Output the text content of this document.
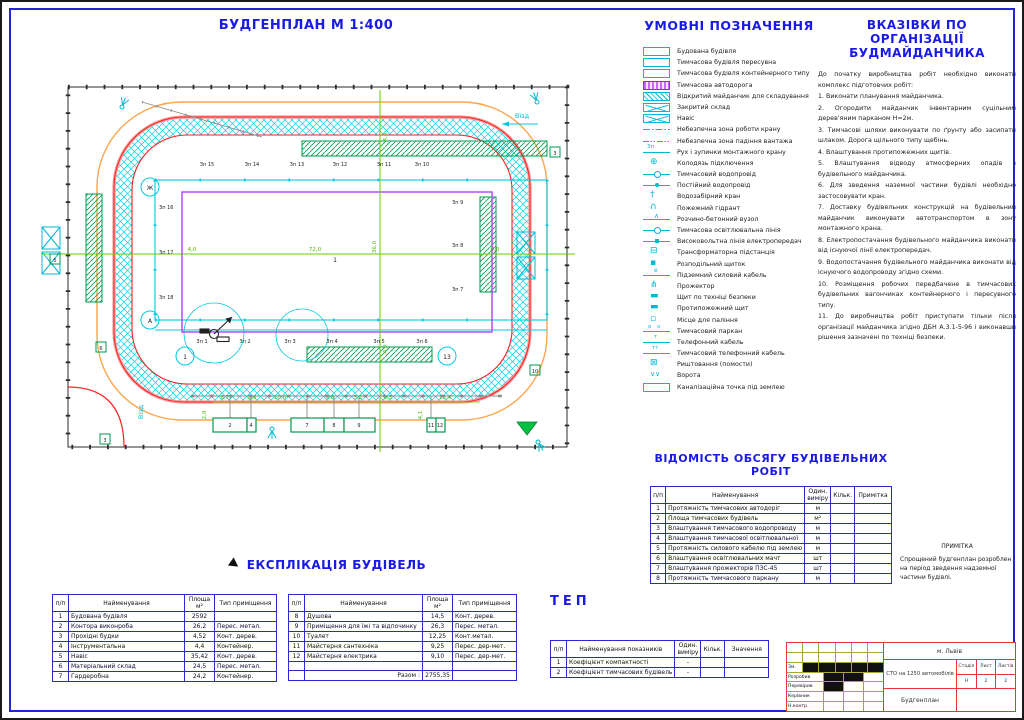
БУДГЕНПЛАН М 1:400
1
72,0	36,0
4,0	4,0
4,0
4,0
8,7	2,6	10,0	9,8	5,2	8,5	15,4
2,9	4,1
Зп 15	Зп 14	Зп 13	Зп 12	Зп 11	Зп 10
Зп 16
Зп 17
Зп 18
Зп 9
Зп 8
Зп 7
Зп 1	Зп 2	Зп 3	Зп 4	Зп 5	Зп 6
Ж
А
1	13
2	4	7	8	9	11 12
3
5
6
10
3
Вїзд
Вїзд
УМОВНІ ПОЗНАЧЕННЯ
Будована будівля
Тимчасова будівля пересувна
Тимчасова будівля контейнерного типу
Тимчасова автодорога
Відкритий майданчик для складування
Закритий склад
Навіс
Небезпечна зона роботи крану
Небезпечна зона падіння вантажа
Зп
Рух і зупинки монтажного крану
⊕
Колодязь підключення
Тимчасовий водопровід
Постійний водопровід
†
Водозабірний кран
∩
Пожежний гідрант
∧
Розчино-бетонний вузол
Тимчасова освітлювальна лінія
Високовольтна лінія електропередач
⊟
Трансформаторна підстанція
▪
Розподільний щиток
e
Підземний силовий кабель
⋔
Прожектор
▬
Щит по техніці безпеки
▬
Протипожежний щит
▫
Місце для паління
o o
Тимчасовий паркан
т
Телефонний кабель
тт
Тимчасовий телефонний кабель
⊠
Риштовання (помости)
∨∨
Ворота
Каналізаційна точка під землею
ВКАЗІВКИ ПО ОРГАНІЗАЦІЇ
БУДМАЙДАНЧИКА
До початку виробництва робіт необхідно виконати комплекс підготовчих робіт:
1. Виконати планування майданчика.
2. Огородити майданчик інвентарним суцільним дерев'яним парканом Н=2м.
3. Тимчасові шляхи виконувати по ґрунту або засипати шлаком. Дорога щільного типу щебінь.
4. Влаштування протипожежних щитів.
5. Влаштування відводу атмосферних опадів з будівельного майданчика.
6. Для зведення наземної частини будівлі необхідно застосовувати кран.
7. Доставку будівельних конструкцій на будівельний майданчик виконувати автотранспортом в зону монтажного крана.
8. Електропостачання будівельного майданчика виконати від існуючої лінії електропередач.
9. Водопостачання будівельного майданчика виконати від існуючого водопроводу згідно схеми.
10. Розміщення робочих передбачене в тимчасових будівельних вагончиках контейнерного і пересувного типу.
11. До виробництва робіт приступати тільки після організації майданчика згідно ДБН А.3.1-5-96 і виконавши рішення зазначені по техніці безпеки.
ВІДОМІСТЬ ОБСЯГУ БУДІВЕЛЬНИХ РОБІТ
п/п	Найменування	Один. виміру	Кільк.	Примітка
1	Протяжність тимчасових автодоріг	м		
2	Площа тимчасових будівель	м²		
3	Влаштування тимчасового водопроводу	м		
4	Влаштування тимчасової освітлювальної	м		
5	Протяжність силового кабелю під землею	м		
6	Влаштування освітлювальних мачт	шт		
7	Влаштування прожекторів ПЗС-45	шт		
8	Протяжність тимчасового паркану	м		
ПРИМІТКА
Спрощений будгенплан розроблен на період зведення надземної частини будівлі.
ТЕП
п/п	Найменування показників	Один. виміру	Кільк.	Значення
1	Коефіцієнт компактності	-		
2	Коефіцієнт тимчасових будівель	-		
ЕКСПЛІКАЦІЯ БУДІВЕЛЬ
п/п	Найменування	Площа м²	Тип приміщення
1	Будована будівля	2592	
2	Контора виконроба	26,2	Перес. метал.
3	Прохідні будки	4,52	Конт. дерев.
4	Інструментальна	4,4	Контейнер.
5	Навіс	35,42	Конт. дерев.
6	Матеріальний склад	24,5	Перес. метал.
7	Гардеробна	24,2	Контейнер.
п/п	Найменування	Площа м²	Тип приміщення
8	Душова	14,5	Конт. дерев.
9	Приміщення для їжі та відпочинку	26,3	Перес. метал.
10	Туалет	12,25	Конт.метал.
11	Майстерня сантехніка	9,25	Перес. дер-мет.
12	Майстерня електрика	9,10	Перес. дер-мет.

	Разом :	2755,35	
Зм.
Розробив
Перевірив
Керівник
Н.контр.
м. Львів
СТО на 1250 автомобілів
Стадія	Лист	Листів
Н	2	2
Будгенплан
